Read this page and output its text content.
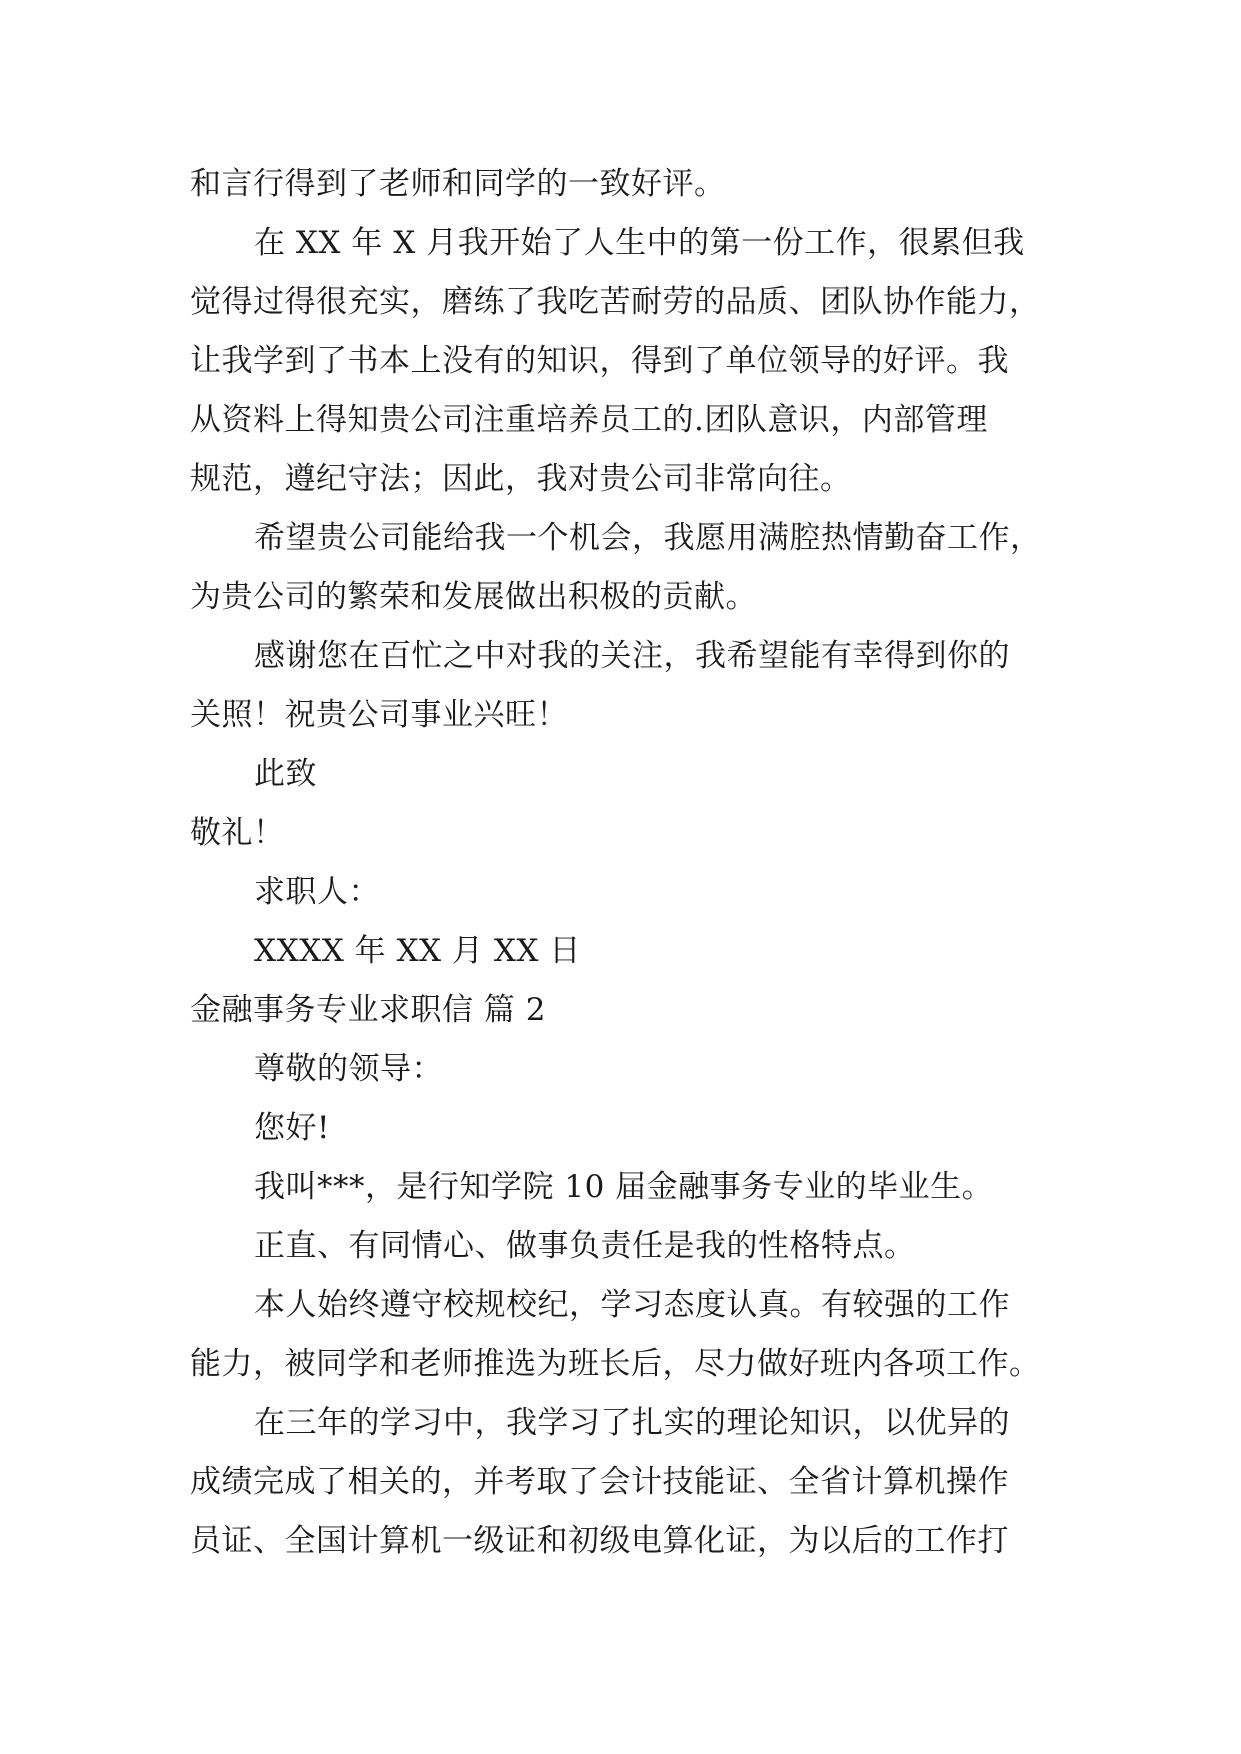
和言行得到了老师和同学的一致好评。
在 XX 年 X 月我开始了人生中的第一份工作，很累但我
觉得过得很充实，磨练了我吃苦耐劳的品质、团队协作能力，
让我学到了书本上没有的知识，得到了单位领导的好评。我
从资料上得知贵公司注重培养员工的.团队意识，内部管理
规范，遵纪守法；因此，我对贵公司非常向往。
希望贵公司能给我一个机会，我愿用满腔热情勤奋工作，
为贵公司的繁荣和发展做出积极的贡献。
感谢您在百忙之中对我的关注，我希望能有幸得到你的
关照！祝贵公司事业兴旺！
此致
敬礼！
求职人：
XXXX 年 XX 月 XX 日
金融事务专业求职信 篇 2
尊敬的领导：
您好!
我叫***，是行知学院 10 届金融事务专业的毕业生。
正直、有同情心、做事负责任是我的性格特点。
本人始终遵守校规校纪，学习态度认真。有较强的工作
能力，被同学和老师推选为班长后，尽力做好班内各项工作。
在三年的学习中，我学习了扎实的理论知识，以优异的
成绩完成了相关的，并考取了会计技能证、全省计算机操作
员证、全国计算机一级证和初级电算化证，为以后的工作打
